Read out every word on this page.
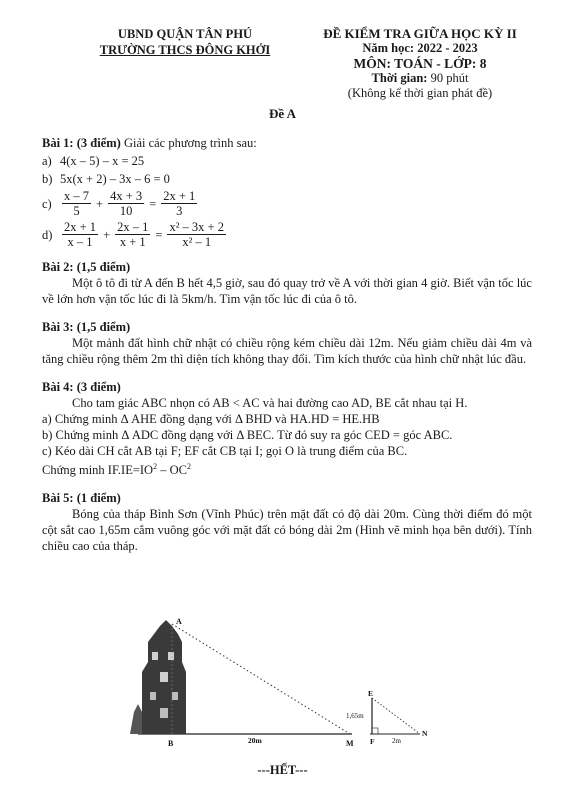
UBND QUẬN TÂN PHÚ
TRƯỜNG THCS ĐÔNG KHỞI
ĐỀ KIỂM TRA GIỮA HỌC KỲ II
Năm học: 2022 - 2023
MÔN: TOÁN - LỚP: 8
Thời gian: 90 phút
(Không kể thời gian phát đề)
Đề A

Bài 1: (3 điểm) Giải các phương trình sau:

a) 4(x – 5) – x = 25
b) 5x(x + 2) – 3x – 6 = 0
$c) \frac{x - 7}{5} + \frac{4x + 3}{10} = \frac{2x + 1}{3}$
$d) \frac{2x + 1}{x - 1} + \frac{2x - 1}{x + 1} = \frac{\text{x² – 3x + 2}}{\text{x² – 1}}$

Bài 2: (1,5 điểm)

Một ô tô đi từ A đến B hết 4,5 giờ, sau đó quay trở về A với thời gian 4 giờ. Biết vận tốc lúc về lớn hơn vận tốc lúc đi là 5km/h. Tìm vận tốc lúc đi của ô tô.

Bài 3: (1,5 điểm)

Một mảnh đất hình chữ nhật có chiều rộng kém chiều dài 12m. Nếu giảm chiều dài 4m và tăng chiều rộng thêm 2m thì diện tích không thay đổi. Tìm kích thước của hình chữ nhật lúc đầu.

Bài 4: (3 điểm)

Cho tam giác ABC nhọn có AB < AC và hai đường cao AD, BE cắt nhau tại H.

a) Chứng minh Δ AHE đồng dạng với Δ BHD và HA.HD = HE.HB

b) Chứng minh Δ ADC đồng dạng với Δ BEC. Từ đó suy ra góc CED = góc ABC.

c) Kéo dài CH cắt AB tại F; EF cắt CB tại I; gọi O là trung điểm của BC.

Chứng minh $IF.IE=IO^2 - OC^2$

Bài 5: (1 điểm)

Bóng của tháp Bình Sơn (Vĩnh Phúc) trên mặt đất có độ dài 20m. Cùng thời điểm đó một cột sắt cao 1,65m cắm vuông góc với mặt đất có bóng dài 2m (Hình vẽ minh họa bên dưới). Tính chiều cao của tháp.

A
B	M
20m
E
F
N
1,65m
2m
---HẾT---
